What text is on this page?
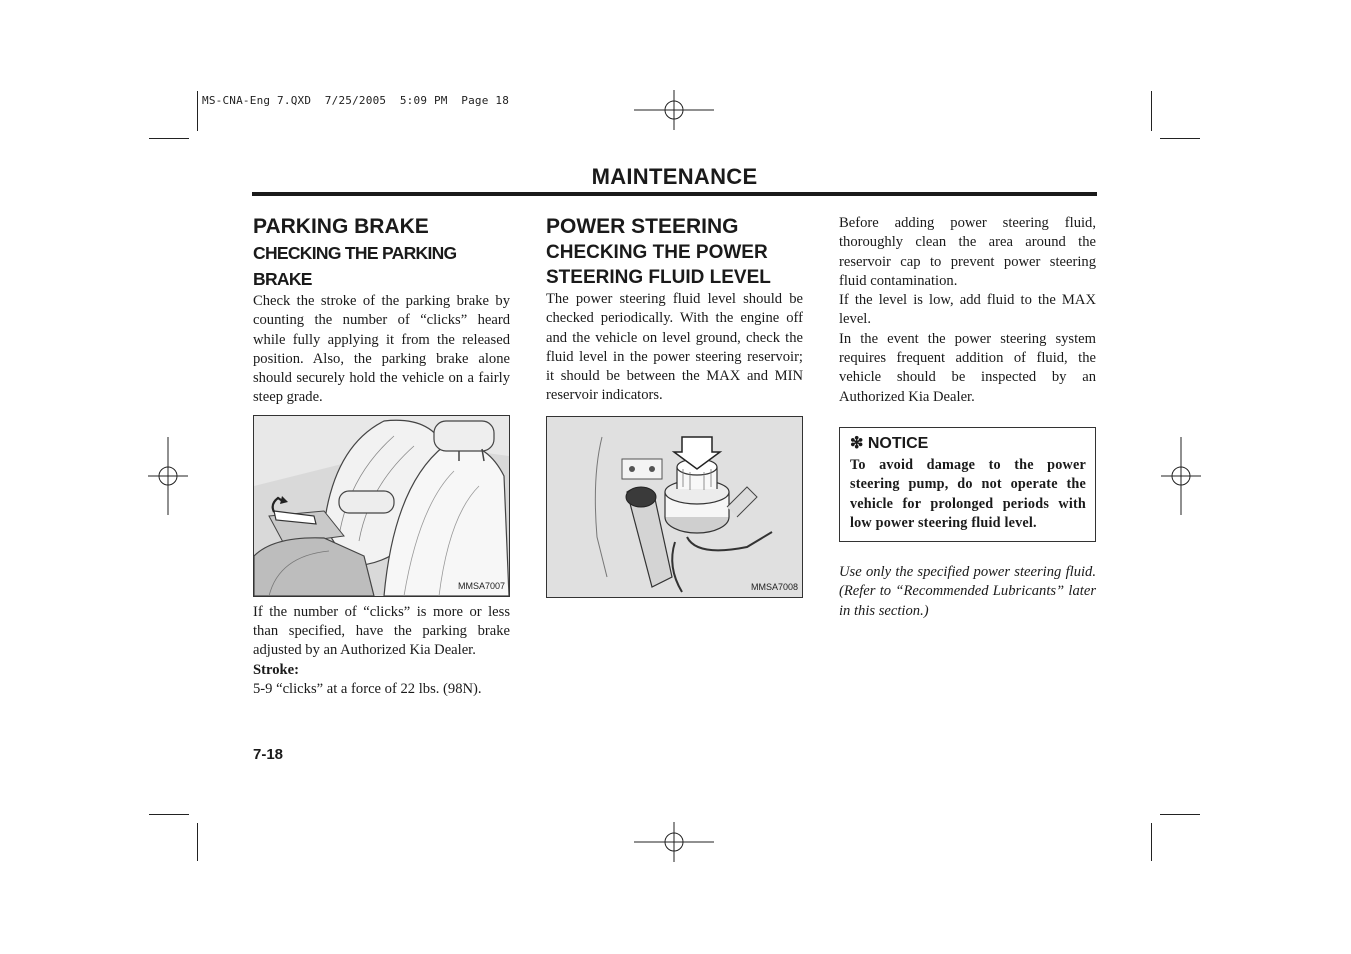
MS-CNA-Eng 7.QXD  7/25/2005  5:09 PM  Page 18
MAINTENANCE
PARKING BRAKE
CHECKING THE PARKING BRAKE

Check the stroke of the parking brake by counting the number of “clicks” heard while fully applying it from the released position. Also, the parking brake alone should securely hold the vehicle on a fairly steep grade.

MMSA7007

If the number of “clicks” is more or less than specified, have the parking brake adjusted by an Authorized Kia Dealer.

Stroke:

5-9 “clicks” at a force of 22 lbs. (98N).

POWER STEERING
CHECKING THE POWER STEERING FLUID LEVEL

The power steering fluid level should be checked periodically. With the engine off and the vehicle on level ground, check the fluid level in the power steering reservoir; it should be between the MAX and MIN reservoir indicators.

MMSA7008

Before adding power steering fluid, thoroughly clean the area around the reservoir cap to prevent power steering fluid contamination.

If the level is low, add fluid to the MAX level.

In the event the power steering system requires frequent addition of fluid, the vehicle should be inspected by an Authorized Kia Dealer.

❇ NOTICE

To avoid damage to the power steering pump, do not operate the vehicle for prolonged periods with low power steering fluid level.

Use only the specified power steering fluid. (Refer to “Recommended Lubricants” later in this section.)

7-18
